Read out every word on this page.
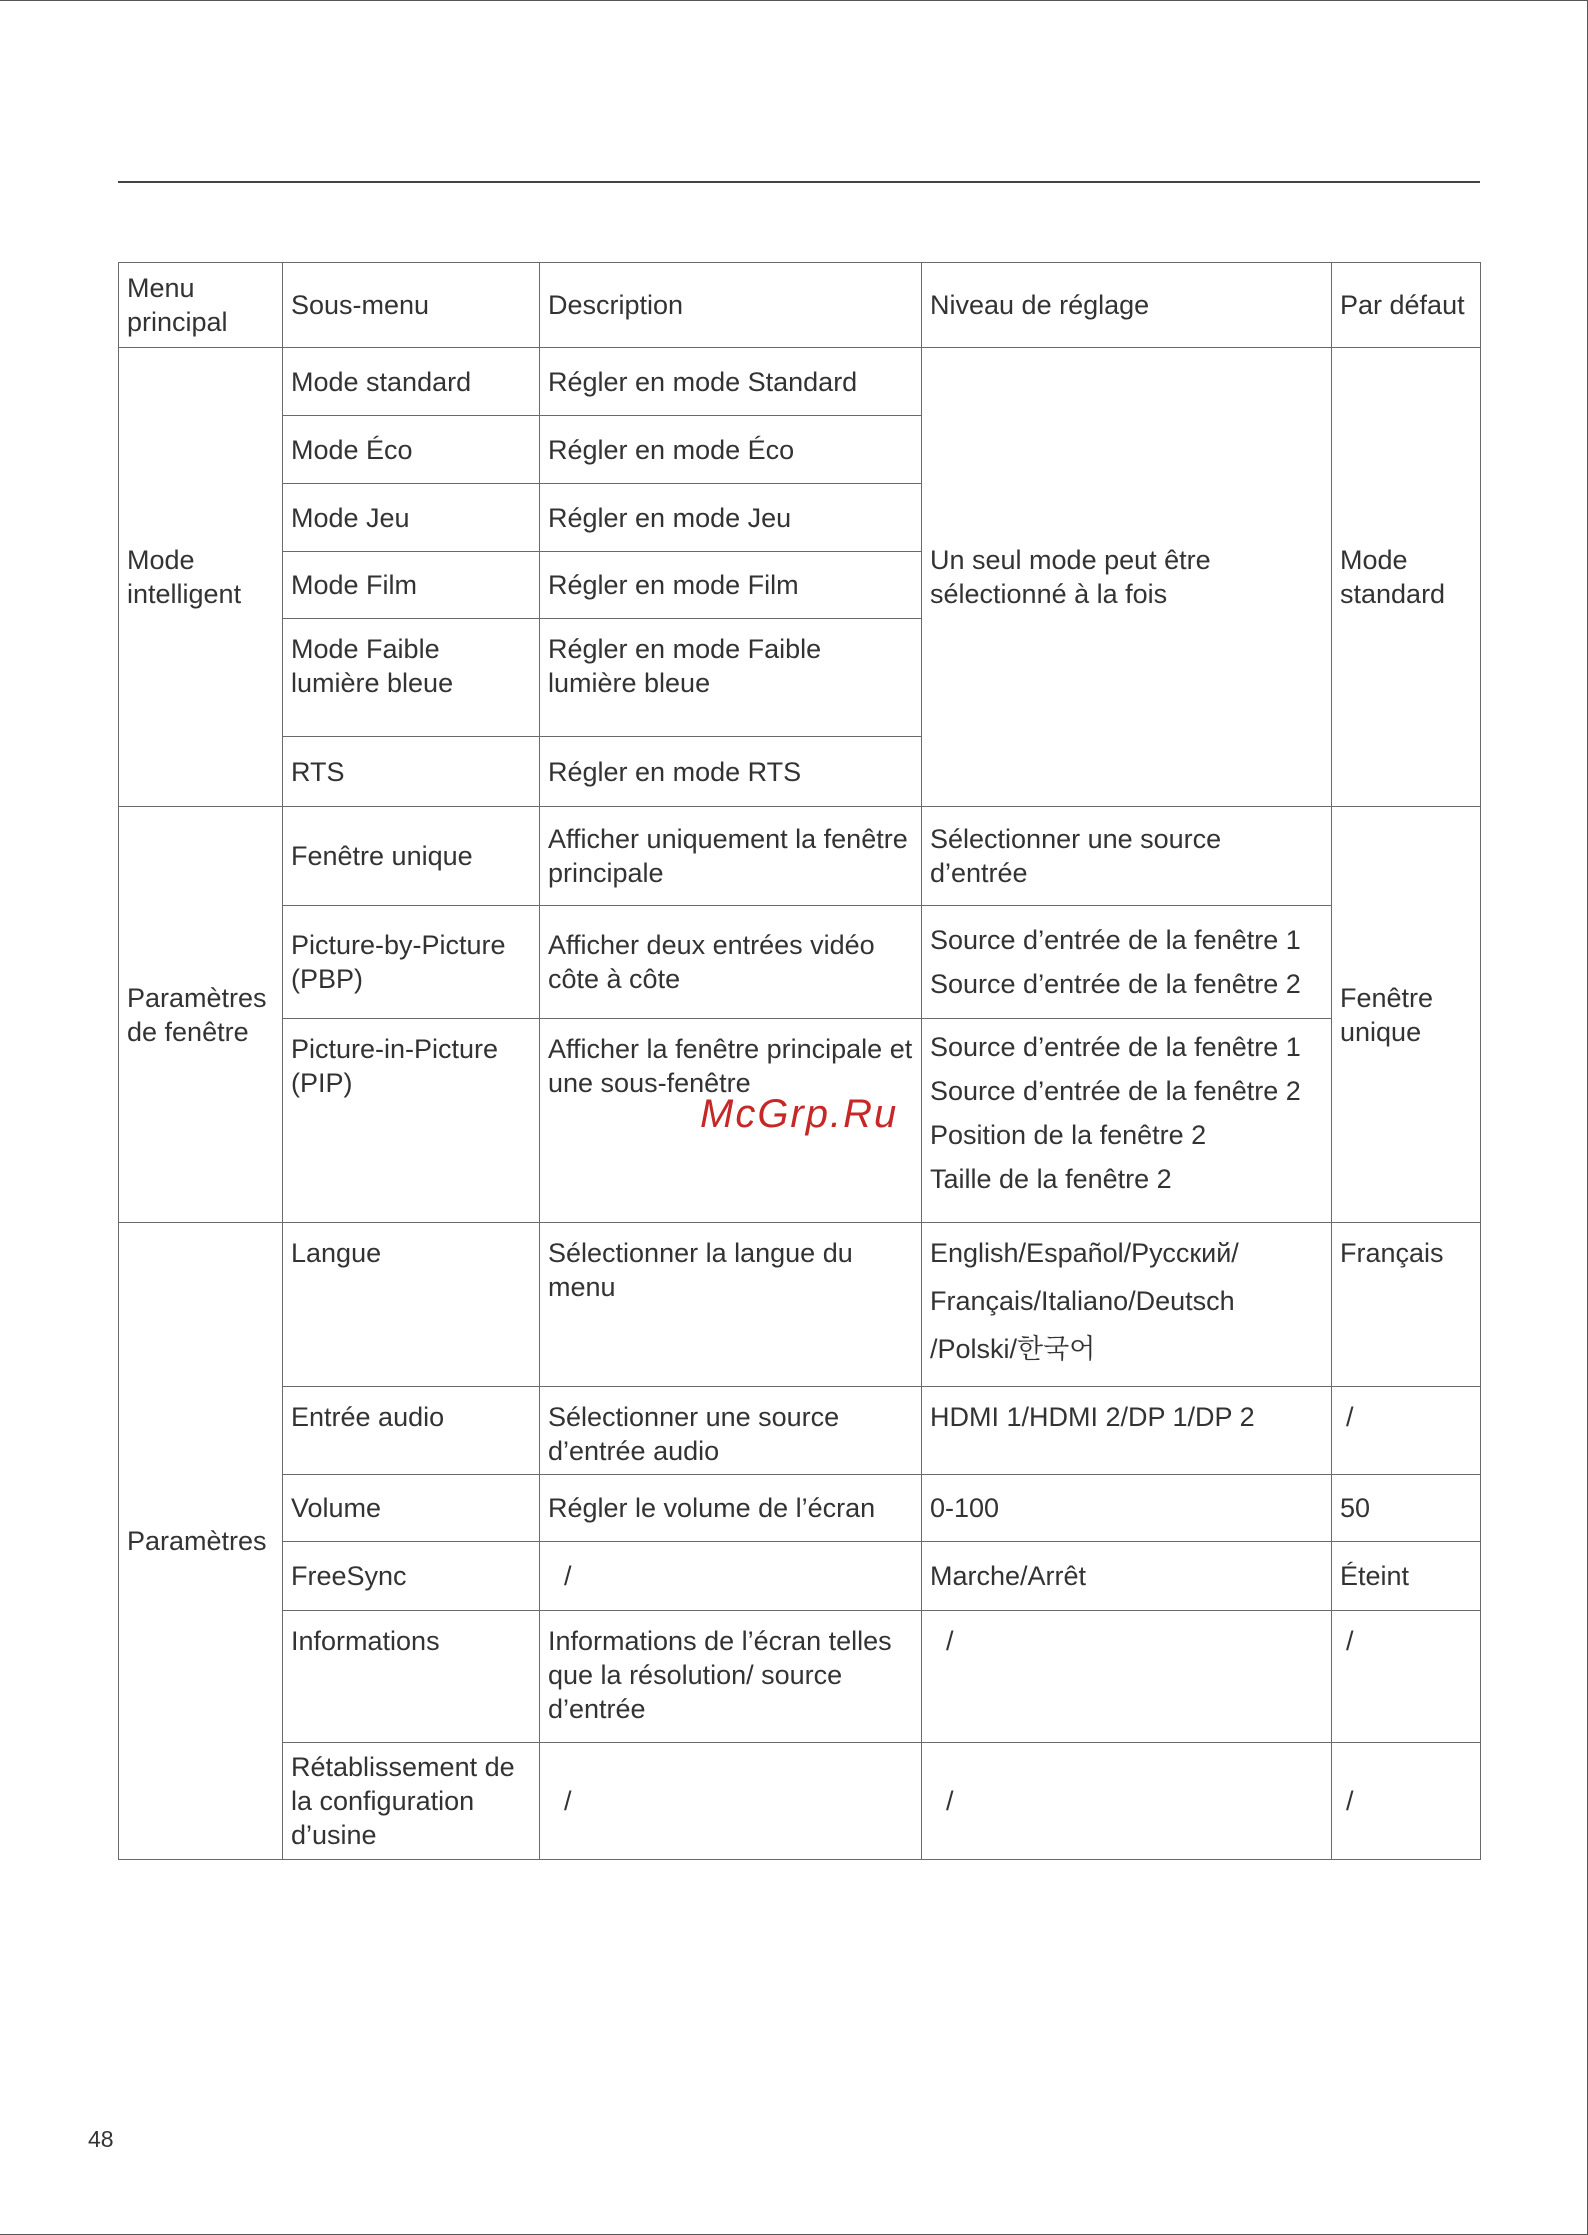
Menu principal	Sous-menu	Description	Niveau de réglage	Par défaut
Mode intelligent	Mode standard	Régler en mode Standard	Un seul mode peut être sélectionné à la fois	Mode standard
	Mode Éco	Régler en mode Éco		
	Mode Jeu	Régler en mode Jeu		
	Mode Film	Régler en mode Film		
	Mode Faible lumière bleue	Régler en mode Faible lumière bleue		
	RTS	Régler en mode RTS		
Paramètres de fenêtre	Fenêtre unique	Afficher uniquement la fenêtre principale	Sélectionner une source d’entrée	Fenêtre unique
	Picture-by-Picture (PBP)	Afficher deux entrées vidéo côte à côte	Source d’entrée de la fenêtre 1
Source d’entrée de la fenêtre 2	

	Picture-in-Picture (PIP)	Afficher la fenêtre principale et une sous-fenêtre	Source d’entrée de la fenêtre 1
Source d’entrée de la fenêtre 2
Position de la fenêtre 2
Taille de la fenêtre 2	

Paramètres	Langue	Sélectionner la langue du menu	English/Español/Русский/
Français/Italiano/Deutsch
/Polski/한국어	Français
	Entrée audio	Sélectionner une source d’entrée audio	HDMI 1/HDMI 2/DP 1/DP 2	/
	Volume	Régler le volume de l’écran	0-100	50
	FreeSync	/	Marche/Arrêt	Éteint
	Informations	Informations de l’écran telles que la résolution/ source d’entrée	/	/
	Rétablissement de la configuration d’usine	/	/	/
McGrp.Ru
48
